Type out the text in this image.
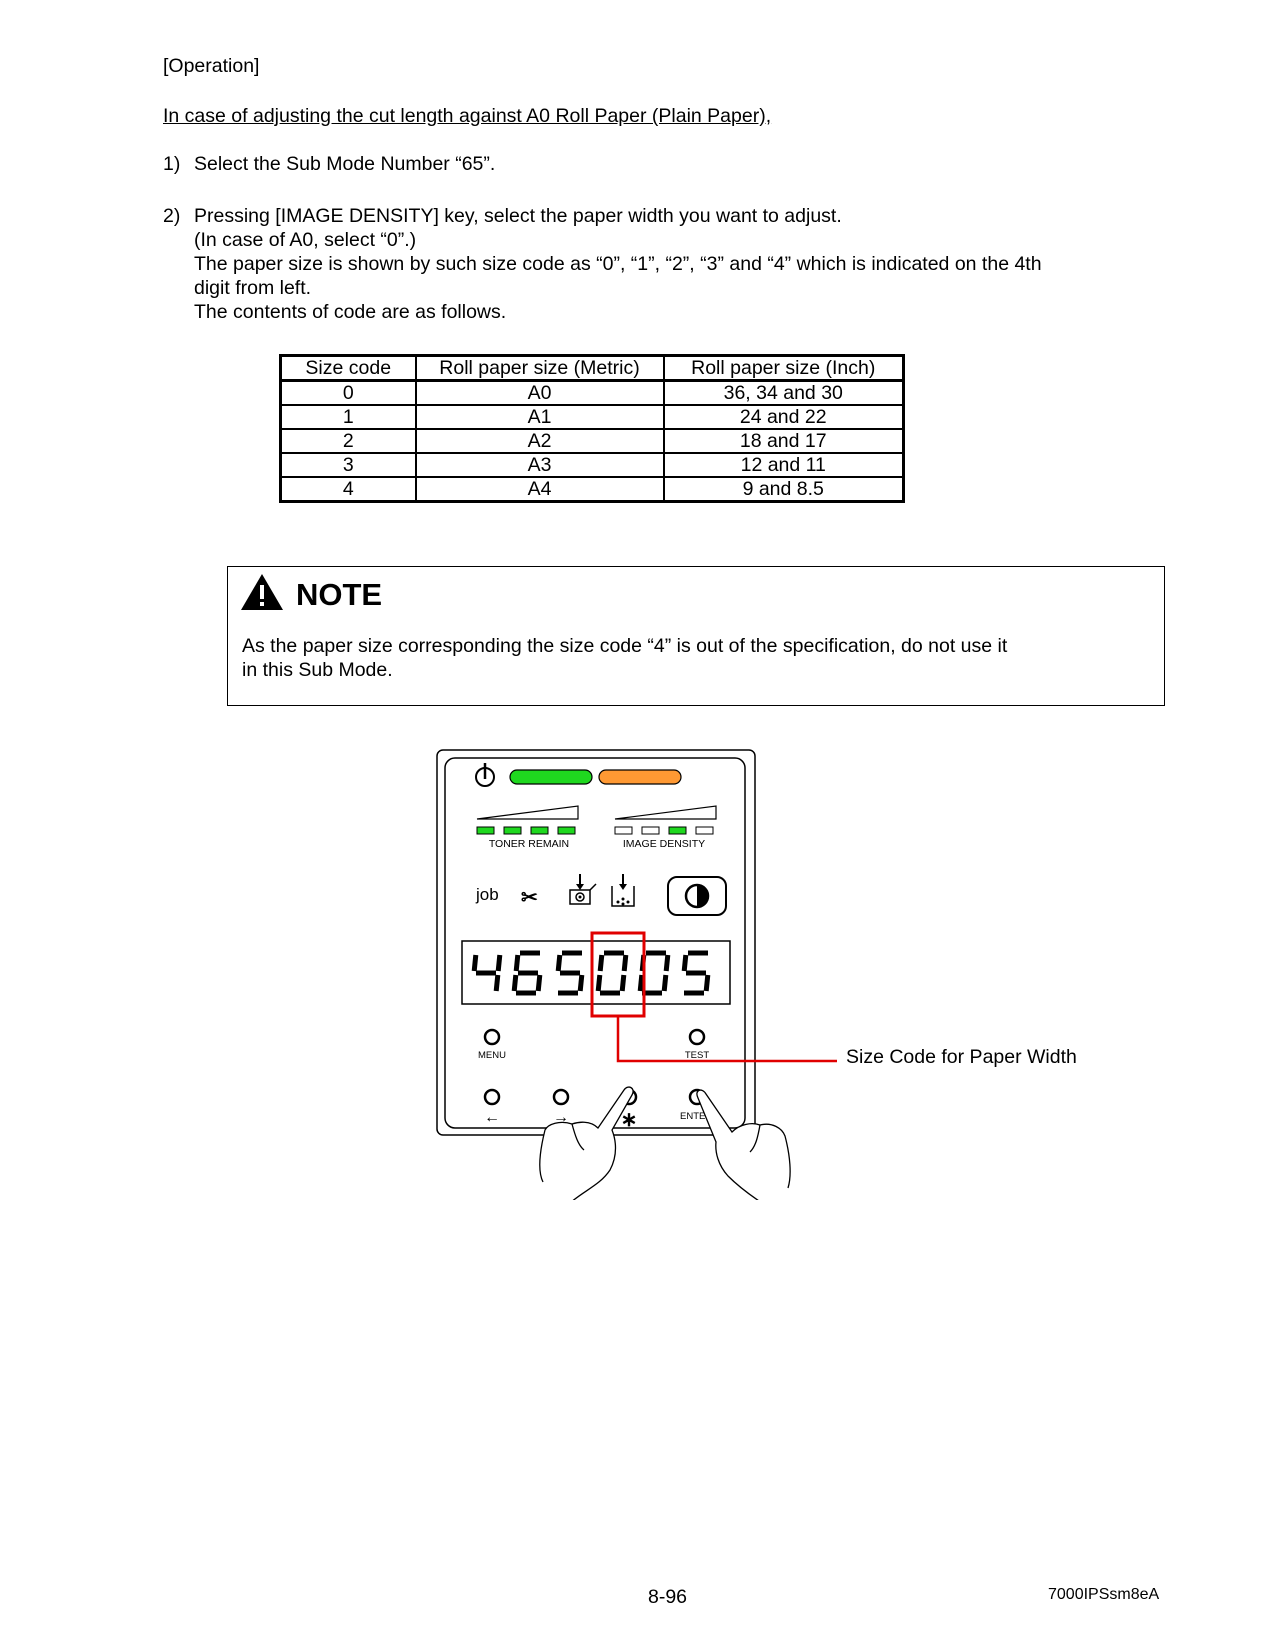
[Operation]
In case of adjusting the cut length against A0 Roll Paper (Plain Paper),
1) Select the Sub Mode Number “65”.
2) Pressing [IMAGE DENSITY] key, select the paper width you want to adjust.
(In case of A0, select “0”.)
The paper size is shown by such size code as “0”, “1”, “2”, “3” and “4” which is indicated on the 4th
digit from left.
The contents of code are as follows.
Size code	Roll paper size (Metric)	Roll paper size (Inch)
0	A0	36, 34 and 30
1	A1	24 and 22
2	A2	18 and 17
3	A3	12 and 11
4	A4	9 and 8.5
NOTE
As the paper size corresponding the size code “4” is out of the specification, do not use it
in this Sub Mode.
TONER REMAIN	IMAGE DENSITY
job ✂
Size Code for Paper Width
MENU	TEST
←	→	∗	ENTE
8-96	7000IPSsm8eA
